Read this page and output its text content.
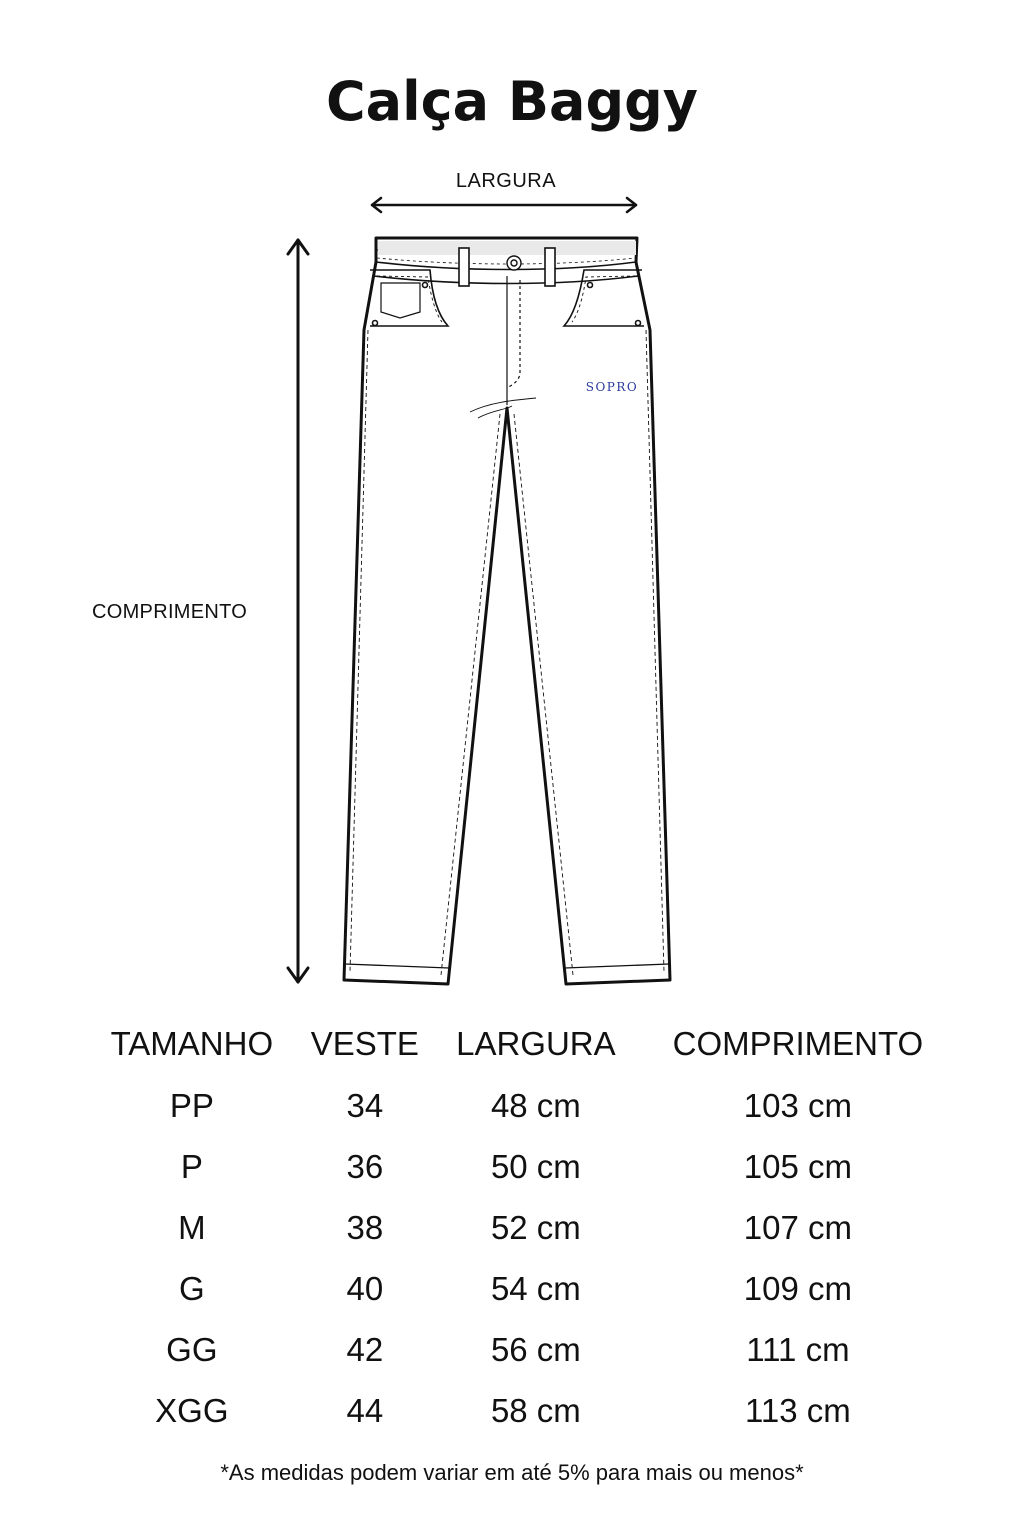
Calça Baggy
LARGURA
COMPRIMENTO
SOPRO
TAMANHO	VESTE	LARGURA	COMPRIMENTO
PP	34	48 cm	103 cm
P	36	50 cm	105 cm
M	38	52 cm	107 cm
G	40	54 cm	109 cm
GG	42	56 cm	111 cm
XGG	44	58 cm	113 cm
*As medidas podem variar em até 5% para mais ou menos*
